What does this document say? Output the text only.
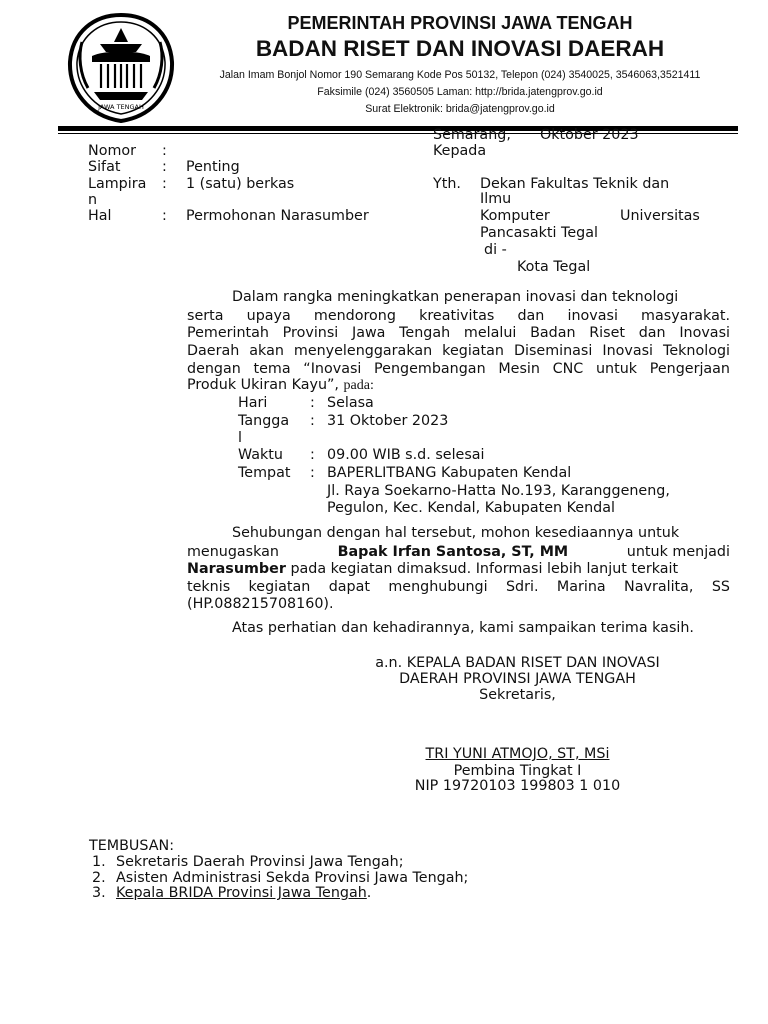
JAWA TENGAH
PEMERINTAH PROVINSI JAWA TENGAH
BADAN RISET DAN INOVASI DAERAH
Jalan Imam Bonjol Nomor 190 Semarang Kode Pos 50132, Telepon (024) 3540025, 3546063,3521411
Faksimile (024) 3560505 Laman: http://brida.jatengprov.go.id
Surat Elektronik: brida@jatengprov.go.id
Semarang, Oktober 2023
Kepada
Nomor :
Sifat	: Penting
Lampira
n
: 1 (satu) berkas
Hal	: Permohonan Narasumber
Yth. Dekan Fakultas Teknik dan
Ilmu
Komputer	Universitas
Pancasakti Tegal
di -
Kota Tegal
Dalam rangka meningkatkan penerapan inovasi dan teknologi
serta upaya mendorong kreativitas dan inovasi masyarakat.
Pemerintah Provinsi Jawa Tengah melalui Badan Riset dan Inovasi
Daerah akan menyelenggarakan kegiatan Diseminasi Inovasi Teknologi
dengan tema “Inovasi Pengembangan Mesin CNC untuk Pengerjaan
Produk Ukiran Kayu”, pada:
Hari	: Selasa
Tangga
l
: 31 Oktober 2023
Waktu : 09.00 WIB s.d. selesai
Tempat : BAPERLITBANG Kabupaten Kendal
Jl. Raya Soekarno-Hatta No.193, Karanggeneng,
Pegulon, Kec. Kendal, Kabupaten Kendal
Sehubungan dengan hal tersebut, mohon kesediaannya untuk
menugaskan	Bapak Irfan Santosa, ST, MM	untuk menjadi
Narasumber pada kegiatan dimaksud. Informasi lebih lanjut terkait
teknis kegiatan dapat menghubungi Sdri. Marina Navralita, SS
(HP.088215708160).
Atas perhatian dan kehadirannya, kami sampaikan terima kasih.
a.n. KEPALA BADAN RISET DAN INOVASI
DAERAH PROVINSI JAWA TENGAH
Sekretaris,
TRI YUNI ATMOJO, ST, MSi
Pembina Tingkat I
NIP 19720103 199803 1 010
TEMBUSAN:
1. Sekretaris Daerah Provinsi Jawa Tengah;
2. Asisten Administrasi Sekda Provinsi Jawa Tengah;
3. Kepala BRIDA Provinsi Jawa Tengah.
